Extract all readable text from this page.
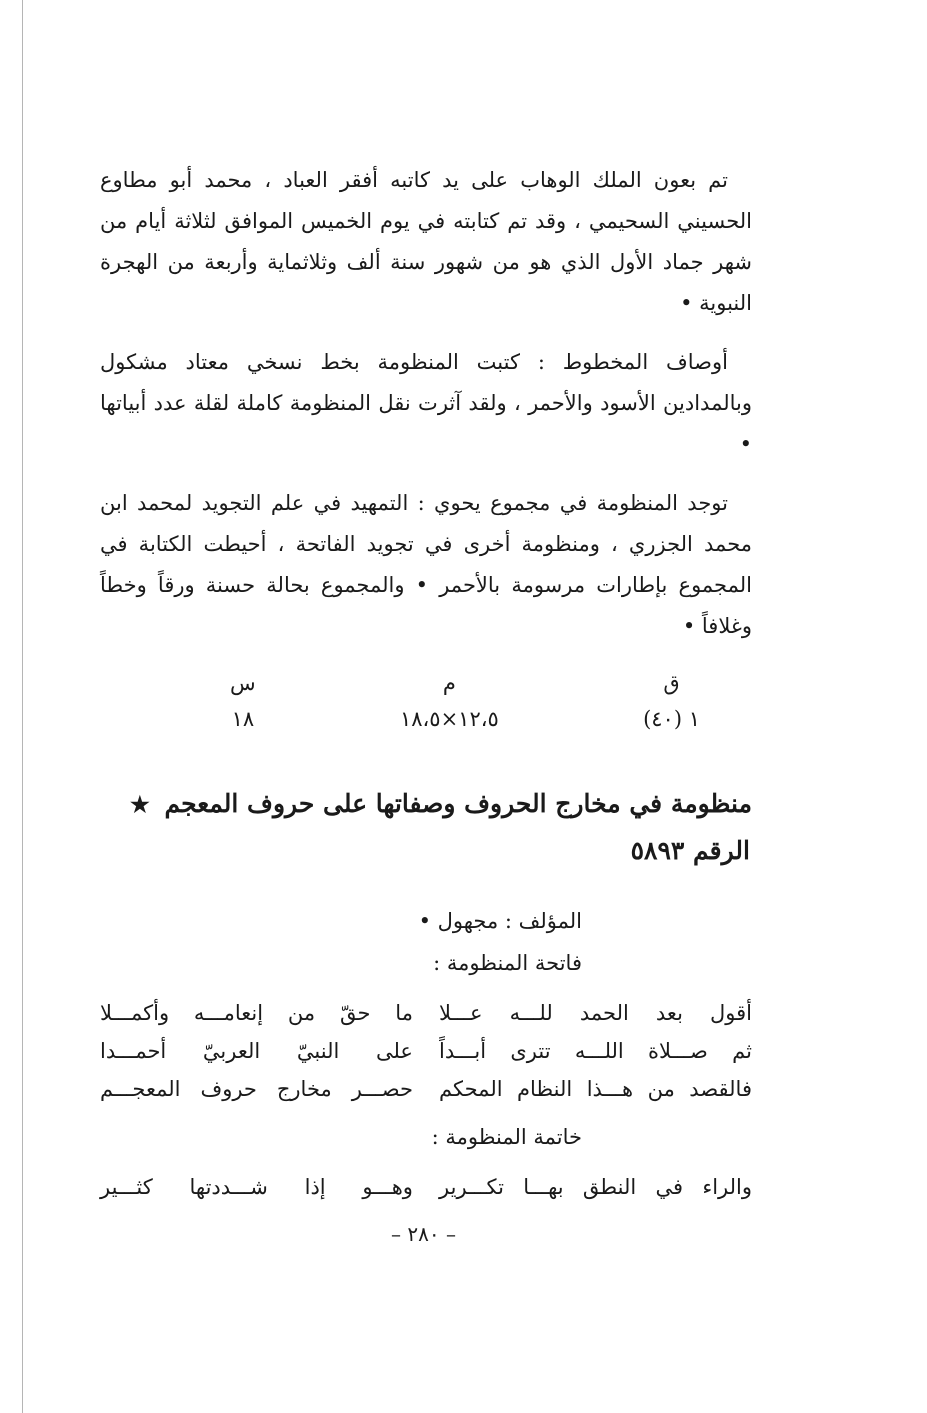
تم بعون الملك الوهاب على يد كاتبه أفقر العباد ، محمد أبو مطاوع الحسيني السحيمي ، وقد تم كتابته في يوم الخميس الموافق لثلاثة أيام من شهر جماد الأول الذي هو من شهور سنة ألف وثلاثماية وأربعة من الهجرة النبوية •

أوصاف المخطوط : كتبت المنظومة بخط نسخي معتاد مشكول وبالمدادين الأسود والأحمر ، ولقد آثرت نقل المنظومة كاملة لقلة عدد أبياتها •

توجد المنظومة في مجموع يحوي : التمهيد في علم التجويد لمحمد ابن محمد الجزري ، ومنظومة أخرى في تجويد الفاتحة ، أحيطت الكتابة في المجموع بإطارات مرسومة بالأحمر • والمجموع بحالة حسنة ورقاً وخطاً وغلافاً •

ق
١ (٤٠)
م
١٢،٥×١٨،٥
س
١٨
منظومة في مخارج الحروف وصفاتها على حروف المعجم ★
الرقم ٥٨٩٣
المؤلف : مجهول •
فاتحة المنظومة :
أقول بعد الحمد للـــه عـــلا
ما حقّ من إنعامـــه وأكمـــلا
ثم صـــلاة اللـــه تترى أبـــداً
على النبيّ العربيّ أحمـــدا
فالقصد من هـــذا النظام المحكم
حصـــر مخارج حروف المعجـــم
خاتمة المنظومة :
والراء في النطق بهـــا تكـــرير
وهـــو إذا شـــددتها كثـــير
– ٢٨٠ –
